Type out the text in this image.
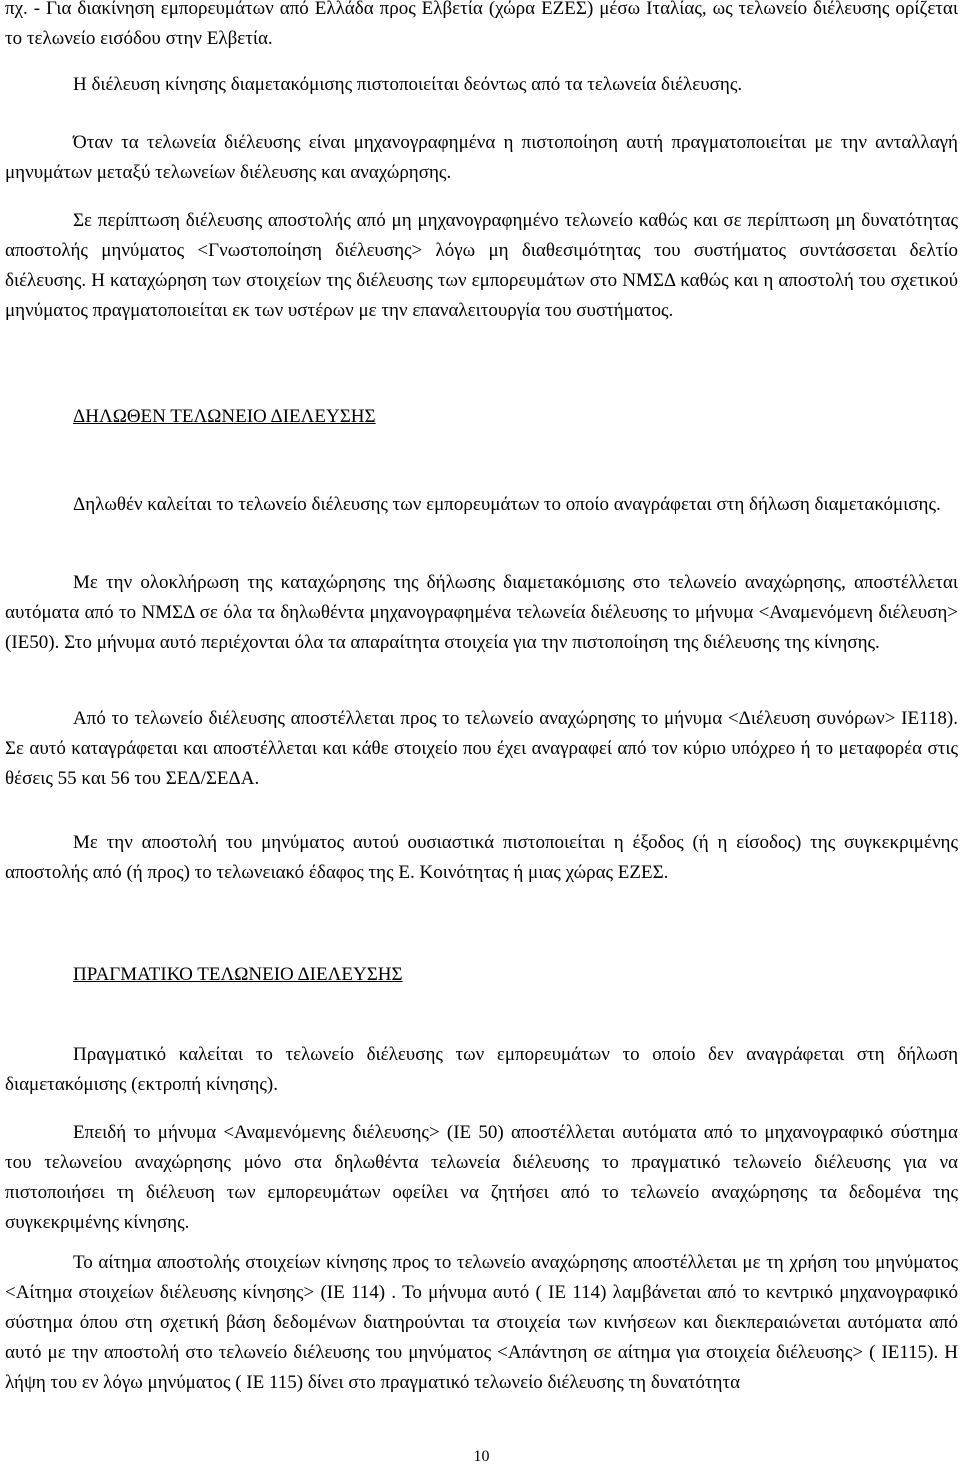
πχ. - Για διακίνηση εμπορευμάτων από Ελλάδα προς Ελβετία (χώρα ΕΖΕΣ) μέσω Ιταλίας, ως τελωνείο διέλευσης ορίζεται το τελωνείο εισόδου στην Ελβετία.

Η διέλευση κίνησης διαμετακόμισης πιστοποιείται δεόντως από τα τελωνεία διέλευσης.

Όταν τα τελωνεία διέλευσης είναι μηχανογραφημένα η πιστοποίηση αυτή πραγματοποιείται με την ανταλλαγή μηνυμάτων μεταξύ τελωνείων διέλευσης και αναχώρησης.

Σε περίπτωση διέλευσης αποστολής από μη μηχανογραφημένο τελωνείο καθώς και σε περίπτωση μη δυνατότητας αποστολής μηνύματος <Γνωστοποίηση διέλευσης> λόγω μη διαθεσιμότητας του συστήματος συντάσσεται δελτίο διέλευσης. Η καταχώρηση των στοιχείων της διέλευσης των εμπορευμάτων στο ΝΜΣΔ καθώς και η αποστολή του σχετικού μηνύματος πραγματοποιείται εκ των υστέρων με την επαναλειτουργία του συστήματος.

ΔΗΛΩΘΕΝ ΤΕΛΩΝΕΙΟ ΔΙΕΛΕΥΣΗΣ

Δηλωθέν καλείται το τελωνείο διέλευσης των εμπορευμάτων το οποίο αναγράφεται στη δήλωση διαμετακόμισης.

Με την ολοκλήρωση της καταχώρησης της δήλωσης διαμετακόμισης στο τελωνείο αναχώρησης, αποστέλλεται αυτόματα από το ΝΜΣΔ σε όλα τα δηλωθέντα μηχανογραφημένα τελωνεία διέλευσης το μήνυμα <Αναμενόμενη διέλευση> (ΙΕ50). Στο μήνυμα αυτό περιέχονται όλα τα απαραίτητα στοιχεία για την πιστοποίηση της διέλευσης της κίνησης.

Από το τελωνείο διέλευσης αποστέλλεται προς το τελωνείο αναχώρησης το μήνυμα <Διέλευση συνόρων> ΙΕ118). Σε αυτό καταγράφεται και αποστέλλεται και κάθε στοιχείο που έχει αναγραφεί από τον κύριο υπόχρεο ή το μεταφορέα στις θέσεις 55 και 56 του ΣΕΔ/ΣΕΔΑ.

Με την αποστολή του μηνύματος αυτού ουσιαστικά πιστοποιείται η έξοδος (ή η είσοδος) της συγκεκριμένης αποστολής από (ή προς) το τελωνειακό έδαφος της Ε. Κοινότητας ή μιας χώρας ΕΖΕΣ.

ΠΡΑΓΜΑΤΙΚΟ ΤΕΛΩΝΕΙΟ ΔΙΕΛΕΥΣΗΣ

Πραγματικό καλείται το τελωνείο διέλευσης των εμπορευμάτων το οποίο δεν αναγράφεται στη δήλωση διαμετακόμισης (εκτροπή κίνησης).

Επειδή το μήνυμα <Αναμενόμενης διέλευσης> (ΙΕ 50) αποστέλλεται αυτόματα από το μηχανογραφικό σύστημα του τελωνείου αναχώρησης μόνο στα δηλωθέντα τελωνεία διέλευσης το πραγματικό τελωνείο διέλευσης για να πιστοποιήσει τη διέλευση των εμπορευμάτων οφείλει να ζητήσει από το τελωνείο αναχώρησης τα δεδομένα της συγκεκριμένης κίνησης.

Το αίτημα αποστολής στοιχείων κίνησης προς το τελωνείο αναχώρησης αποστέλλεται με τη χρήση του μηνύματος <Αίτημα στοιχείων διέλευσης κίνησης> (ΙΕ 114) . Το μήνυμα αυτό ( ΙΕ 114) λαμβάνεται από το κεντρικό μηχανογραφικό σύστημα όπου στη σχετική βάση δεδομένων διατηρούνται τα στοιχεία των κινήσεων και διεκπεραιώνεται αυτόματα από αυτό με την αποστολή στο τελωνείο διέλευσης του μηνύματος <Απάντηση σε αίτημα για στοιχεία διέλευσης> ( ΙΕ115). Η λήψη του εν λόγω μηνύματος ( ΙΕ 115) δίνει στο πραγματικό τελωνείο διέλευσης τη δυνατότητα

10
